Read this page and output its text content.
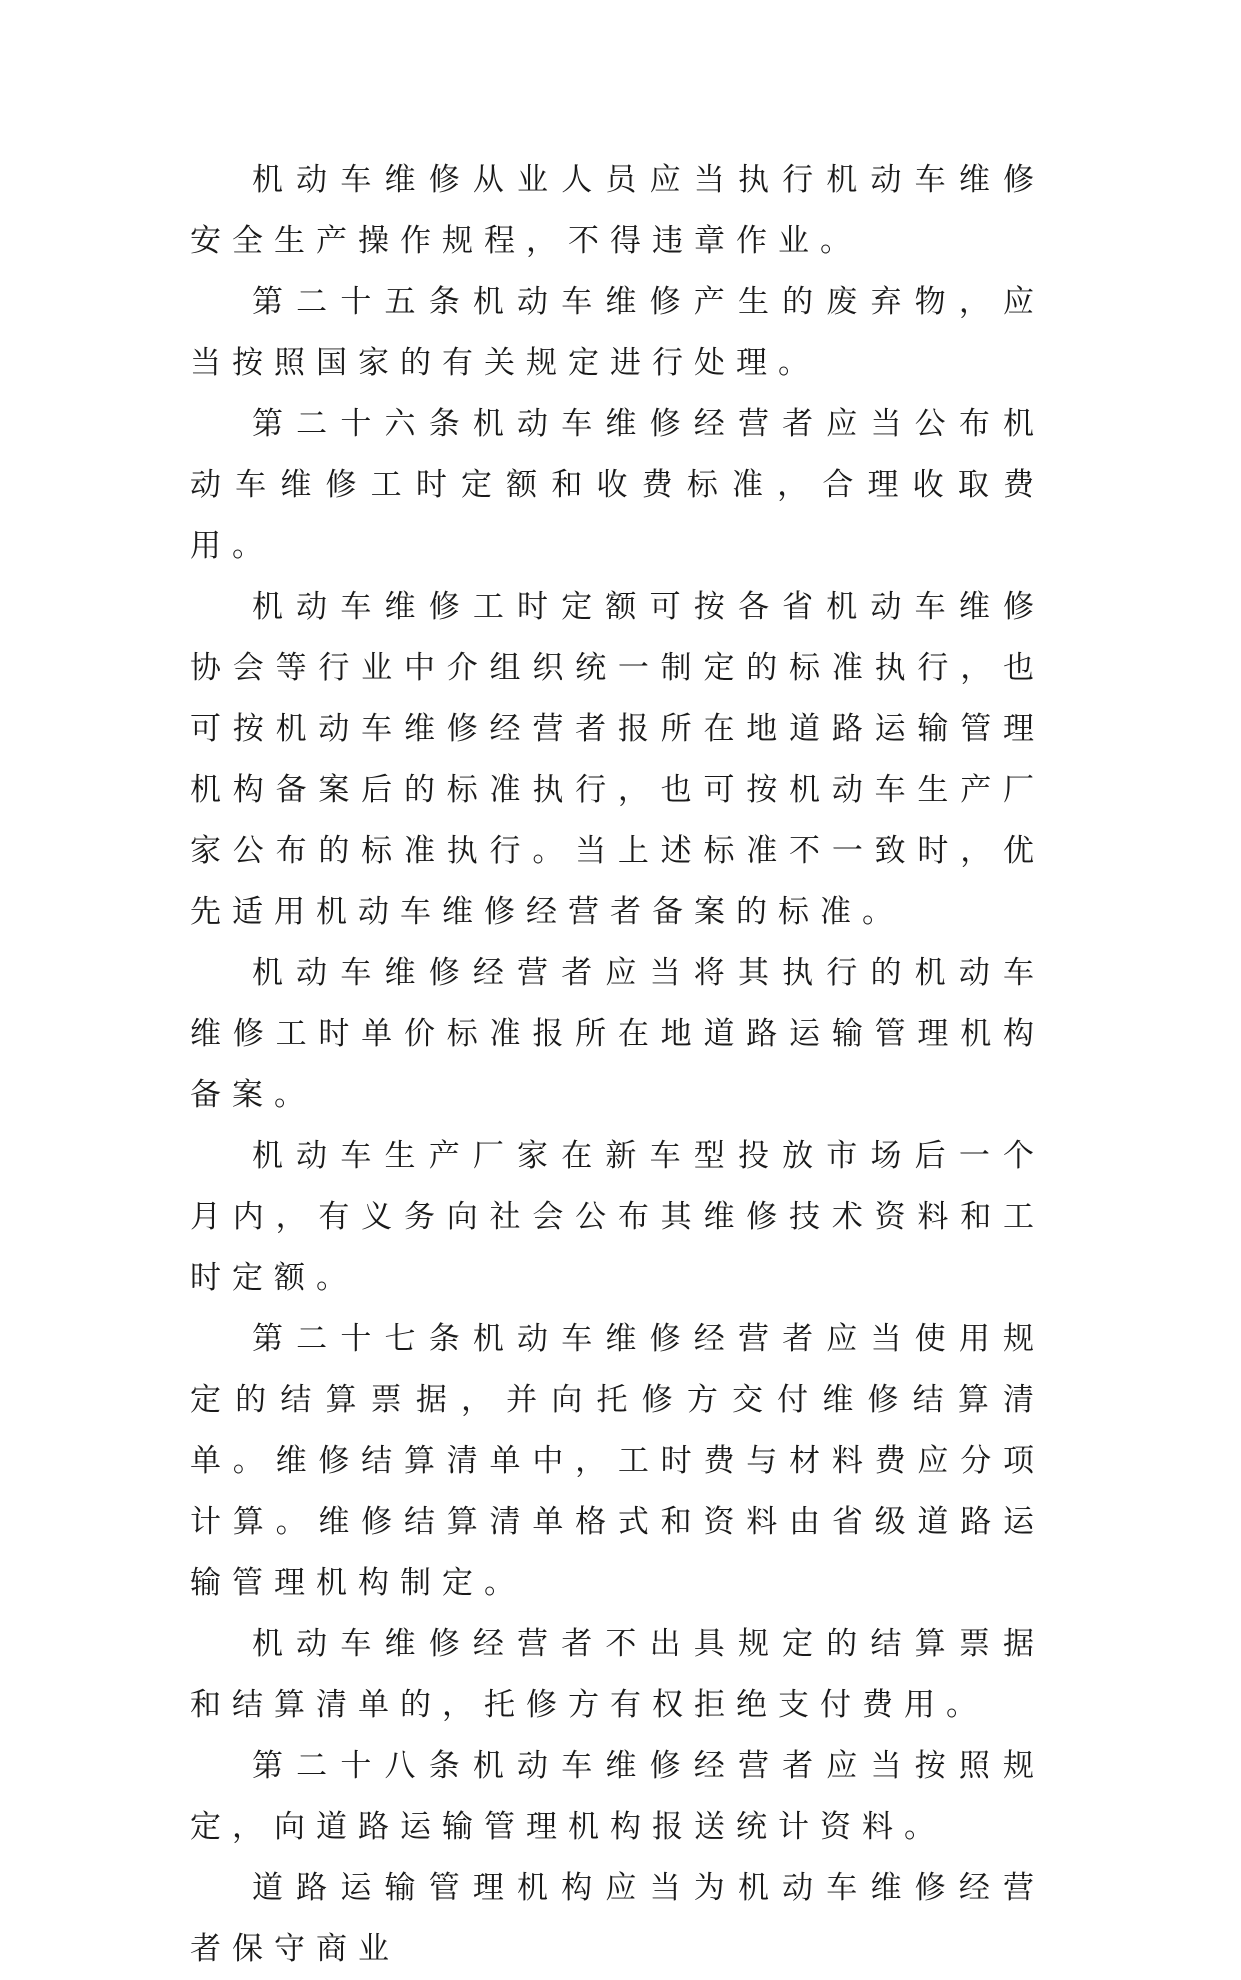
机动车维修从业人员应当执行机动车维修安全生产操作规程，不得违章作业。

第二十五条机动车维修产生的废弃物，应当按照国家的有关规定进行处理。

第二十六条机动车维修经营者应当公布机动车维修工时定额和收费标准，合理收取费用。

机动车维修工时定额可按各省机动车维修协会等行业中介组织统一制定的标准执行，也可按机动车维修经营者报所在地道路运输管理机构备案后的标准执行，也可按机动车生产厂家公布的标准执行。当上述标准不一致时，优先适用机动车维修经营者备案的标准。

机动车维修经营者应当将其执行的机动车维修工时单价标准报所在地道路运输管理机构备案。

机动车生产厂家在新车型投放市场后一个月内，有义务向社会公布其维修技术资料和工时定额。

第二十七条机动车维修经营者应当使用规定的结算票据，并向托修方交付维修结算清单。维修结算清单中，工时费与材料费应分项计算。维修结算清单格式和资料由省级道路运输管理机构制定。

机动车维修经营者不出具规定的结算票据和结算清单的，托修方有权拒绝支付费用。

第二十八条机动车维修经营者应当按照规定，向道路运输管理机构报送统计资料。

道路运输管理机构应当为机动车维修经营者保守商业
